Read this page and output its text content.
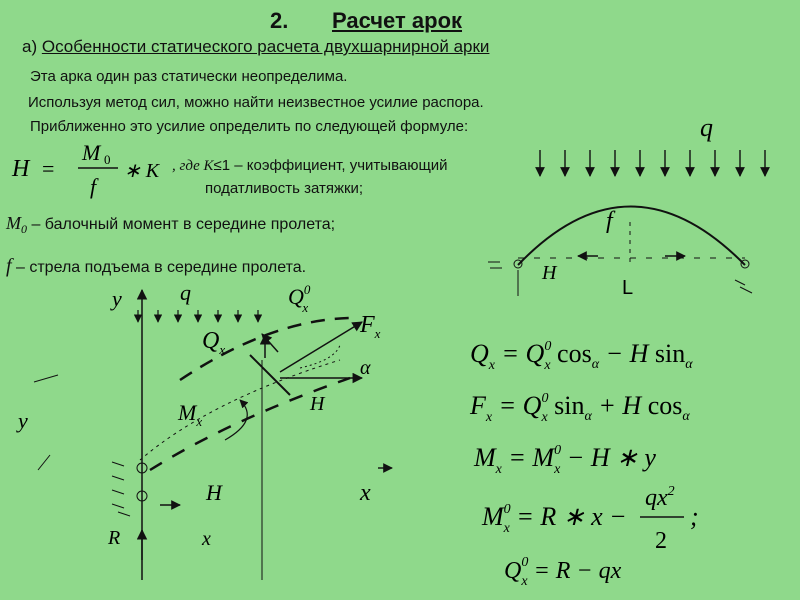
2. Расчет арок
а) Особенности статического расчета двухшарнирной арки
Эта арка один раз статически неопределима.
Используя метод сил, можно найти неизвестное усилие распора.
Приближенно это усилие определить по следующей формуле:
, где K≤1 – коэффициент, учитывающий
податливость затяжки;
$M_0$ – балочный момент в середине пролета;
f – стрела подъема в середине пролета.
H =
M 0
f
∗ K
q
f
H
L
y	q	$Q^0$ x
$Q_x$
$F_x$
α
H
$M_x$
H
R
y
x
x
$Q_x = Q^0$ x $\cos_\alpha - H$ $\sin_\alpha$
$F_x = Q^0$ x $\sin_\alpha + H$ $\cos_\alpha$
$M_x = M^0$ x − H ∗ y
$M^0$ x = R ∗ x −
$qx^2$
2
;
$Q^0$ x = R − qx
